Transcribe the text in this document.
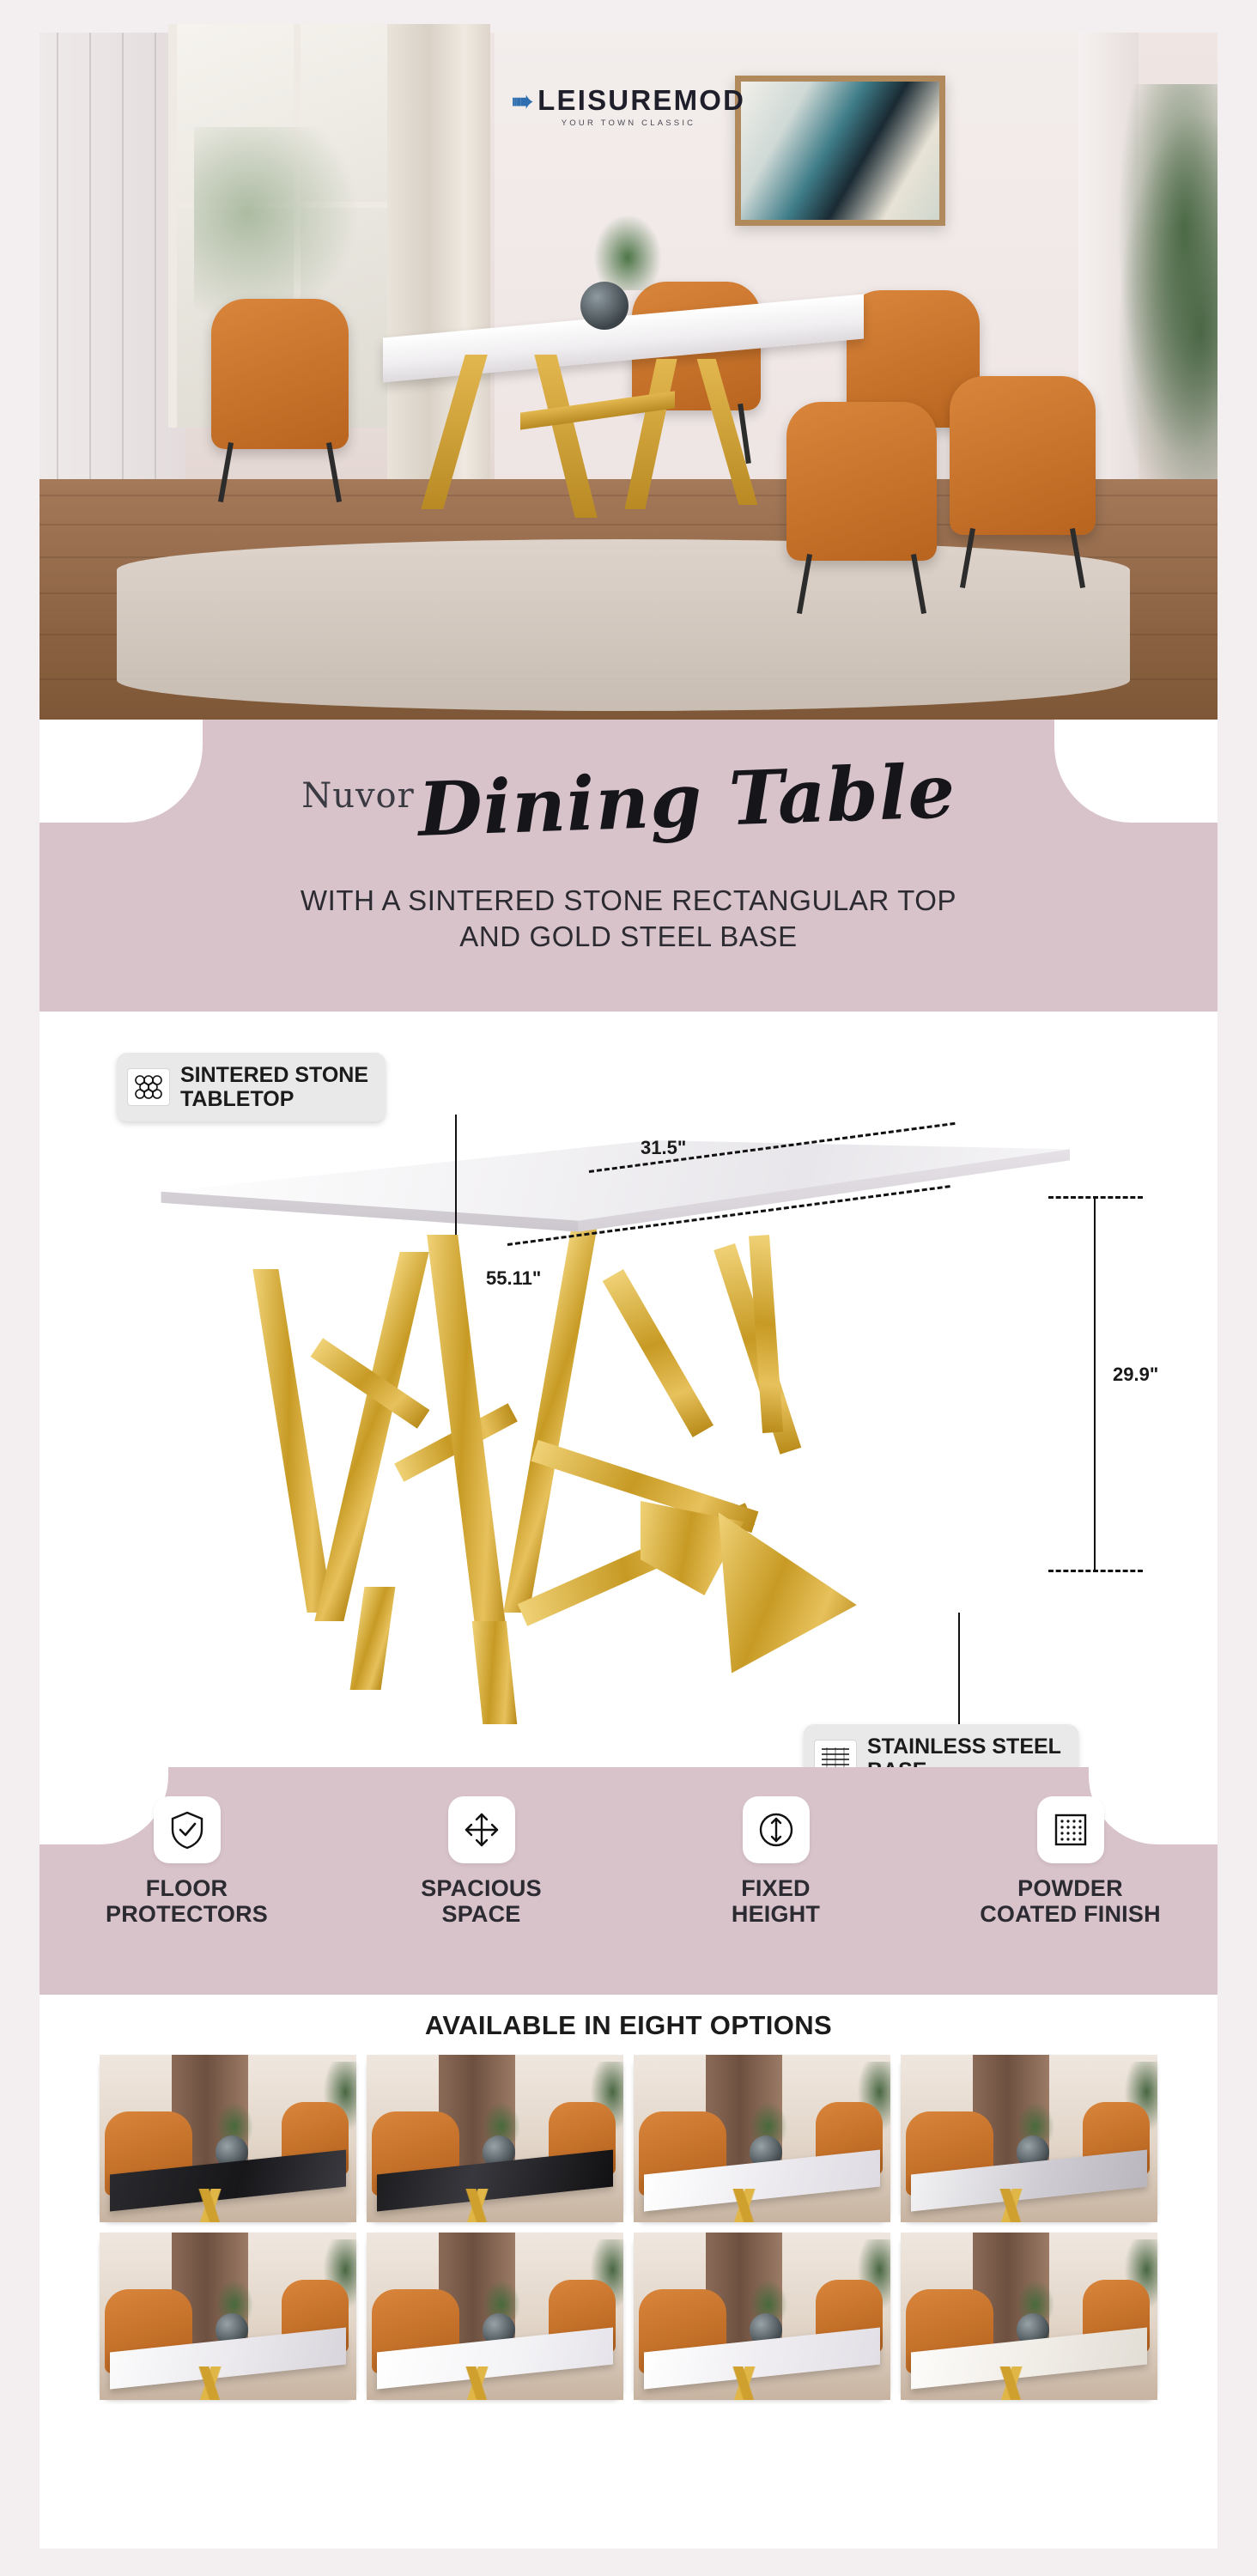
➠LEISUREMOD
YOUR TOWN CLASSIC
Nuvor Dining Table
WITH A SINTERED STONE RECTANGULAR TOP
AND GOLD STEEL BASE
31.5"
55.11"
29.9"
SINTERED STONE
TABLETOP
STAINLESS STEEL
FLOOR
PROTECTORS
SPACIOUS
SPACE
FIXED
HEIGHT
POWDER
COATED FINISH
AVAILABLE IN EIGHT OPTIONS
